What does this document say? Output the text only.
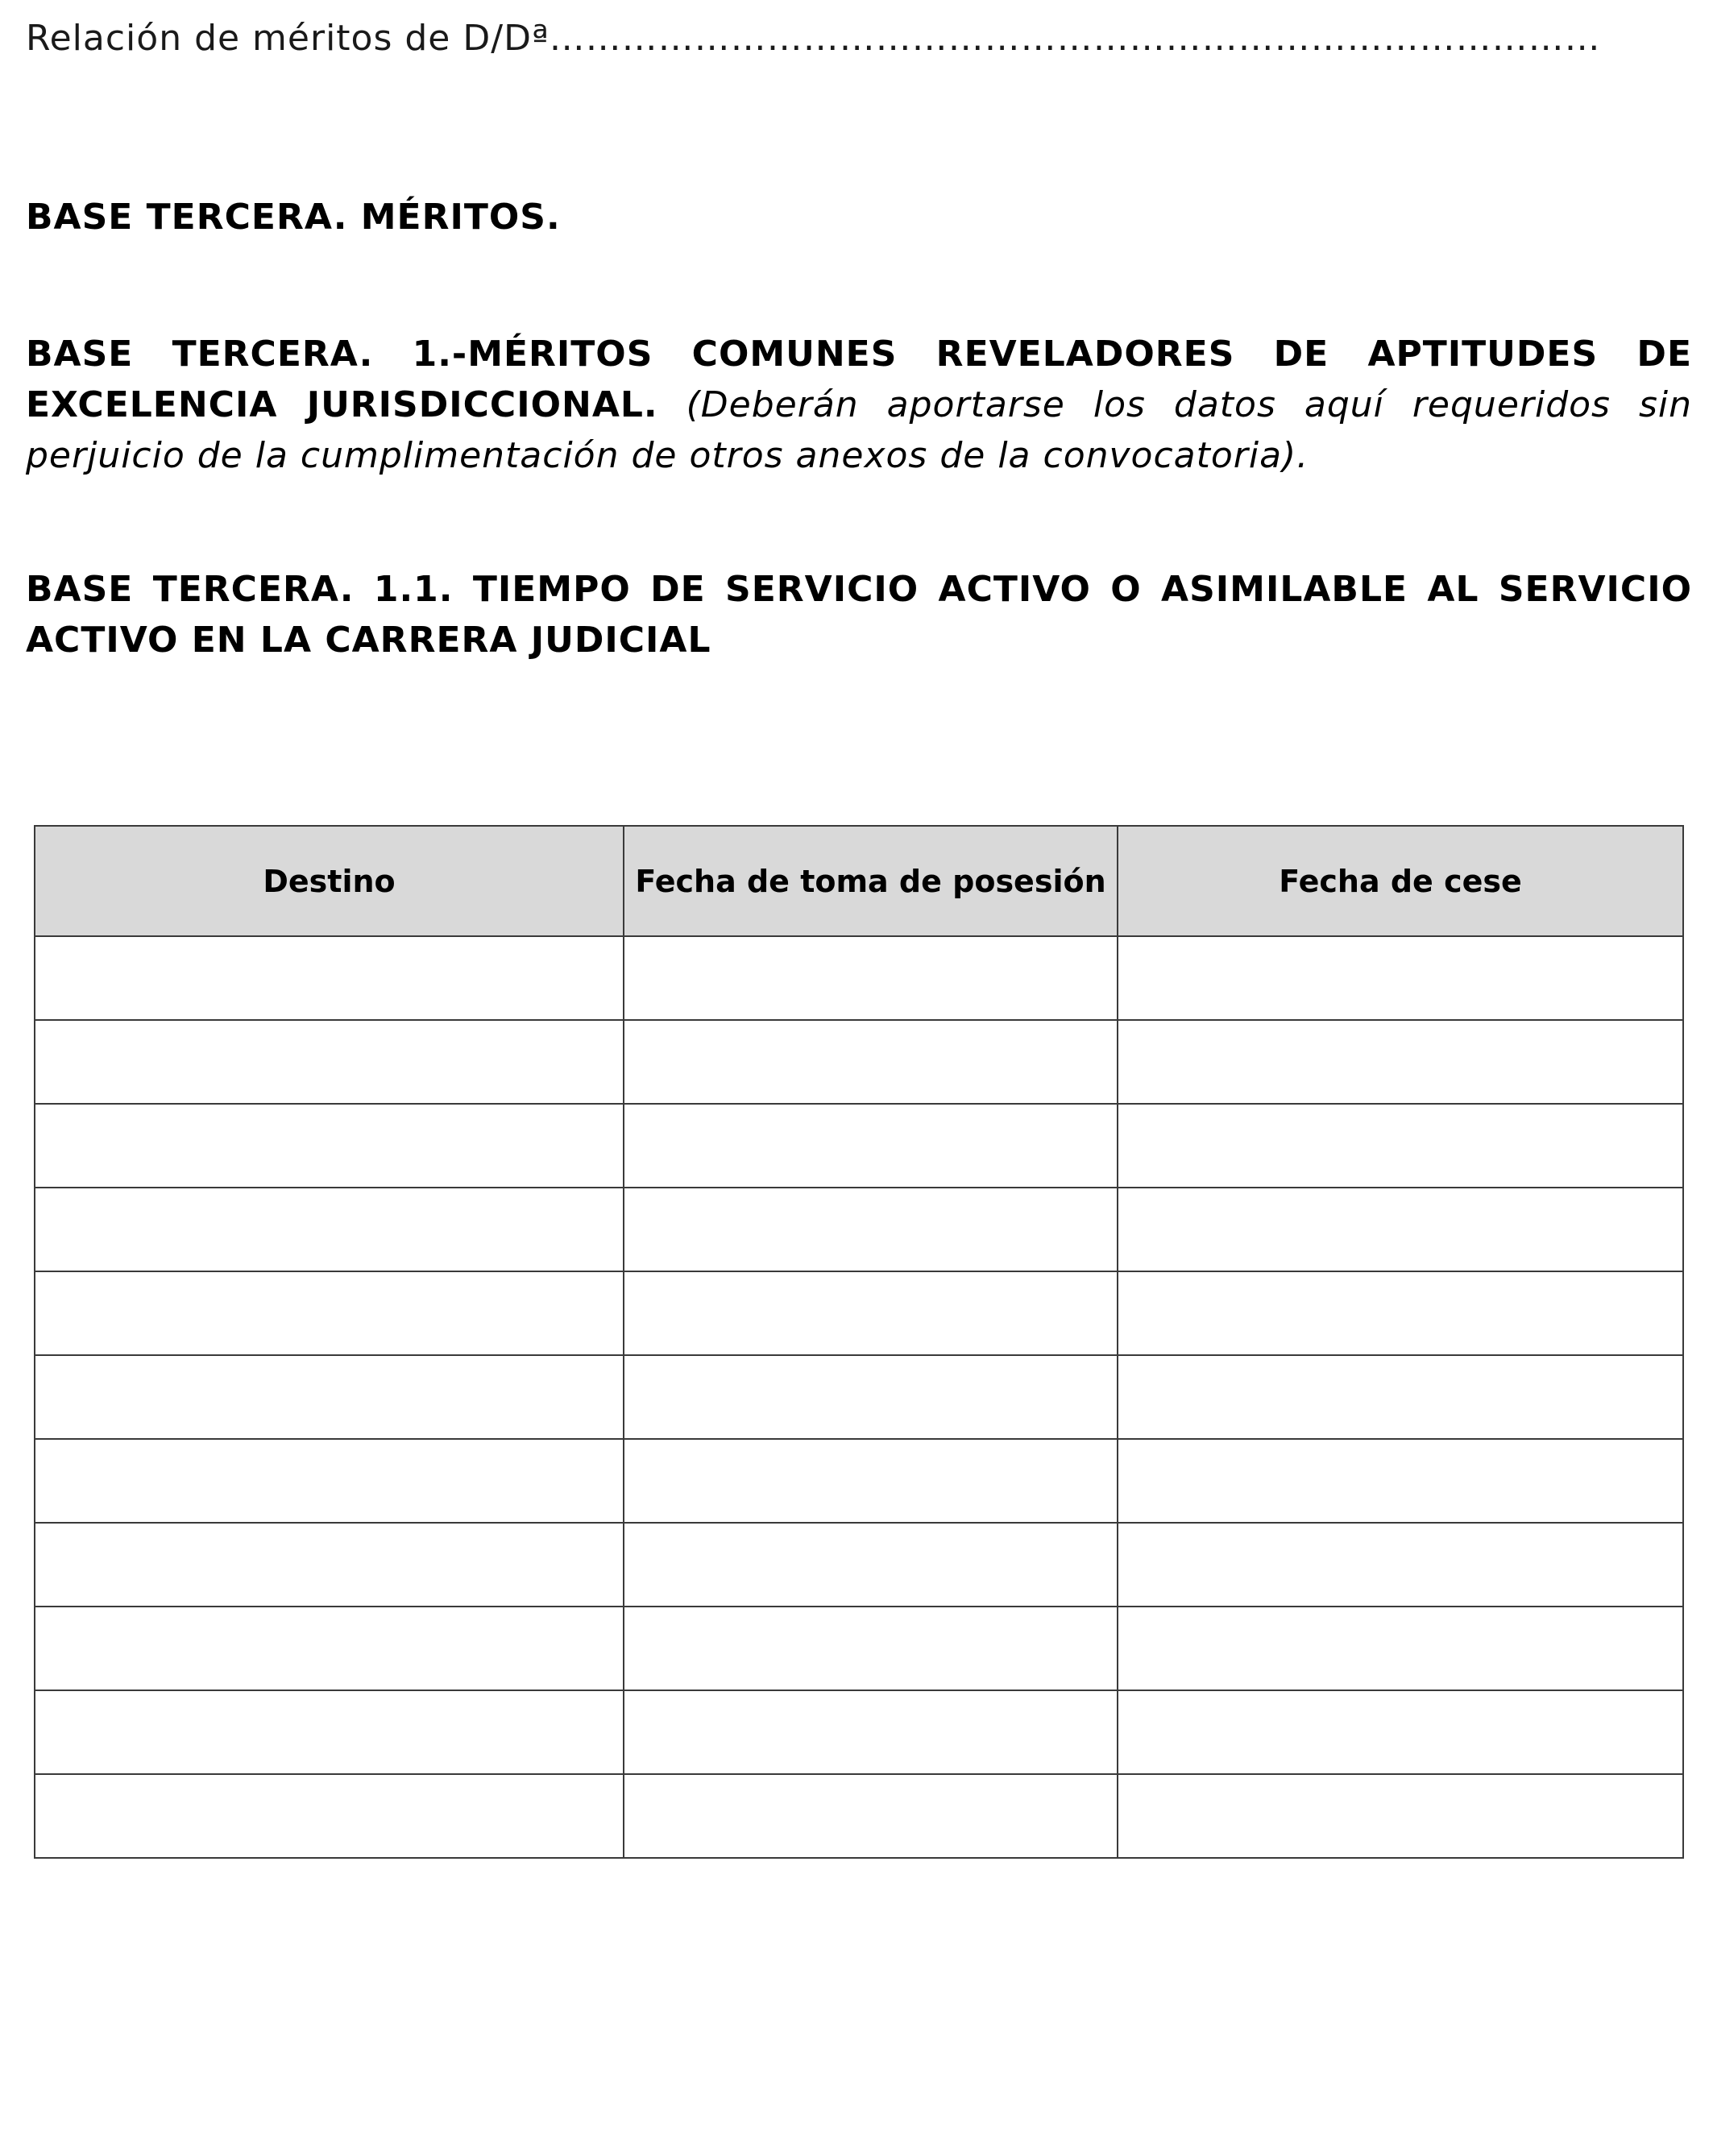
Relación de méritos de D/Dª……………………………………………………………………………
BASE TERCERA. MÉRITOS.
BASE TERCERA. 1.-MÉRITOS COMUNES REVELADORES DE APTITUDES DE EXCELENCIA JURISDICCIONAL. (Deberán aportarse los datos aquí requeridos sin perjuicio de la cumplimentación de otros anexos de la convocatoria).
BASE TERCERA. 1.1. TIEMPO DE SERVICIO ACTIVO O ASIMILABLE AL SERVICIO ACTIVO EN LA CARRERA JUDICIAL
Destino	Fecha de toma de posesión	Fecha de cese
